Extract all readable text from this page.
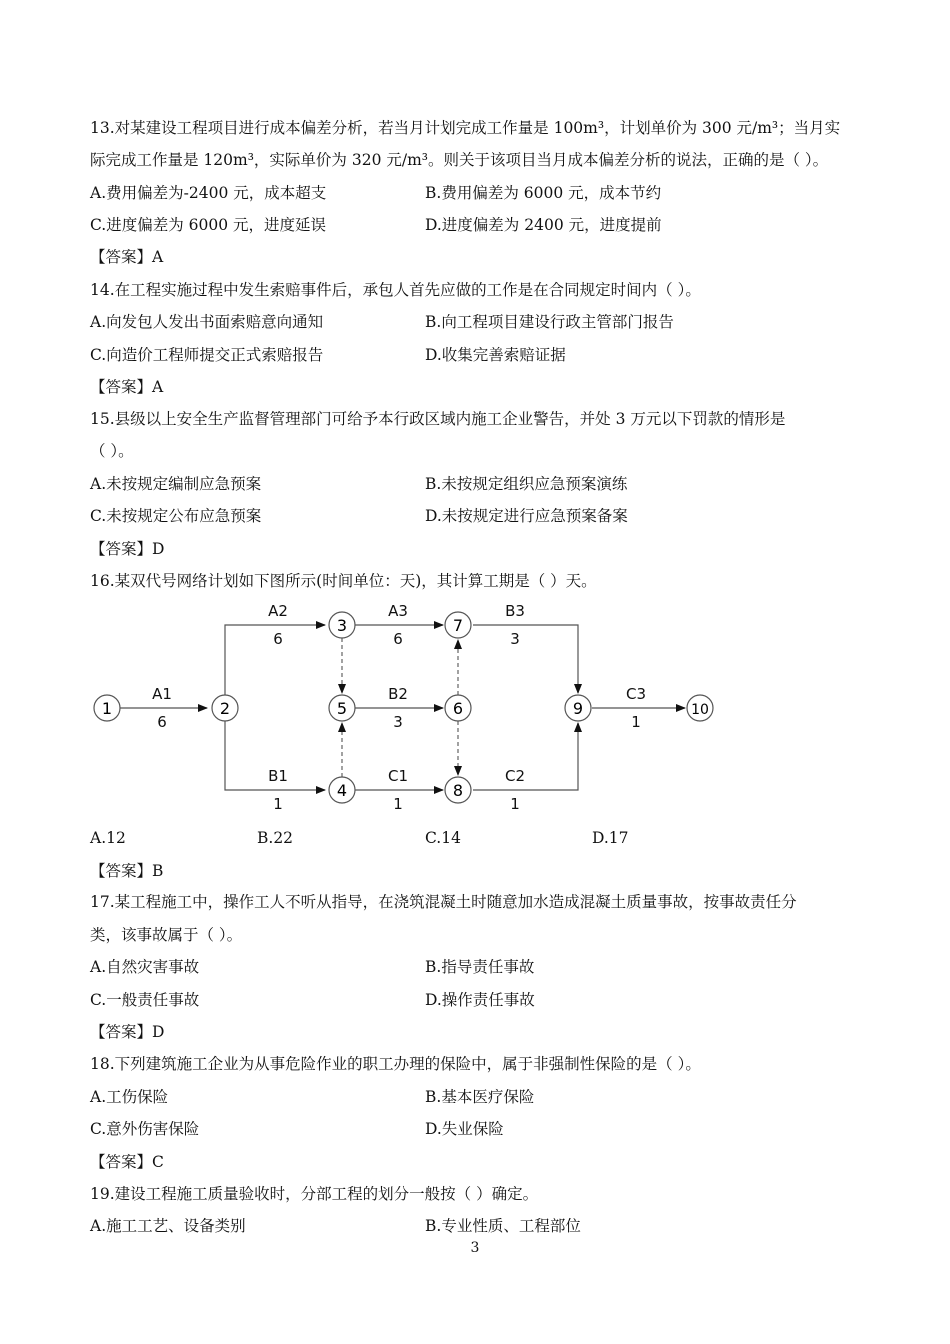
13.对某建设工程项目进行成本偏差分析，若当月计划完成工作量是 100m³，计划单价为 300 元/m³；当月实
际完成工作量是 120m³，实际单价为 320 元/m³。则关于该项目当月成本偏差分析的说法，正确的是（ ）。
A.费用偏差为-2400 元，成本超支	B.费用偏差为 6000 元，成本节约
C.进度偏差为 6000 元，进度延误	D.进度偏差为 2400 元，进度提前
【答案】A
14.在工程实施过程中发生索赔事件后，承包人首先应做的工作是在合同规定时间内（ ）。
A.向发包人发出书面索赔意向通知	B.向工程项目建设行政主管部门报告
C.向造价工程师提交正式索赔报告	D.收集完善索赔证据
【答案】A
15.县级以上安全生产监督管理部门可给予本行政区域内施工企业警告，并处 3 万元以下罚款的情形是
（ ）。
A.未按规定编制应急预案	B.未按规定组织应急预案演练
C.未按规定公布应急预案	D.未按规定进行应急预案备案
【答案】D
16.某双代号网络计划如下图所示(时间单位：天)，其计算工期是（ ）天。
1	2
3
4
5	6
7
8
9	10
A1
6
A2
6
A3
6
B3
3
B2
3
C3
1
B1
1
C1
1
C2
1
A.12	B.22	C.14	D.17
【答案】B
17.某工程施工中，操作工人不听从指导，在浇筑混凝土时随意加水造成混凝土质量事故，按事故责任分
类，该事故属于（ ）。
A.自然灾害事故	B.指导责任事故
C.一般责任事故	D.操作责任事故
【答案】D
18.下列建筑施工企业为从事危险作业的职工办理的保险中，属于非强制性保险的是（ ）。
A.工伤保险	B.基本医疗保险
C.意外伤害保险	D.失业保险
【答案】C
19.建设工程施工质量验收时，分部工程的划分一般按（ ）确定。
A.施工工艺、设备类别	B.专业性质、工程部位
3
